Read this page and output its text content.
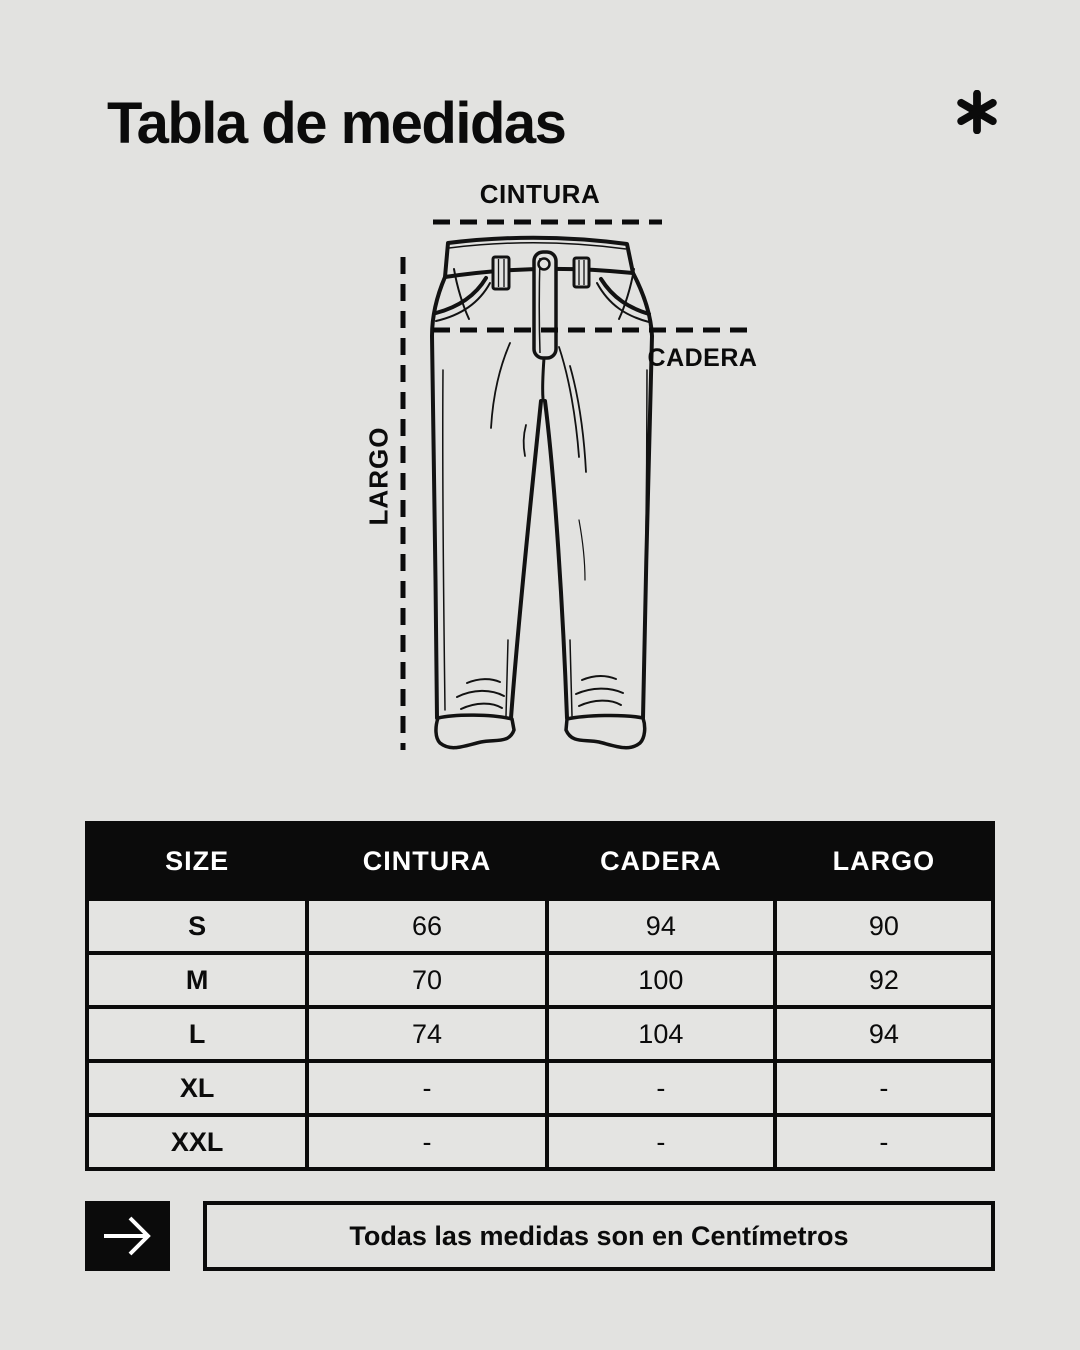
Tabla de medidas
CINTURA
CADERA
LARGO
SIZE	CINTURA	CADERA	LARGO
S	66	94	90
M	70	100	92
L	74	104	94
XL	-	-	-
XXL	-	-	-
Todas las medidas son en Centímetros
